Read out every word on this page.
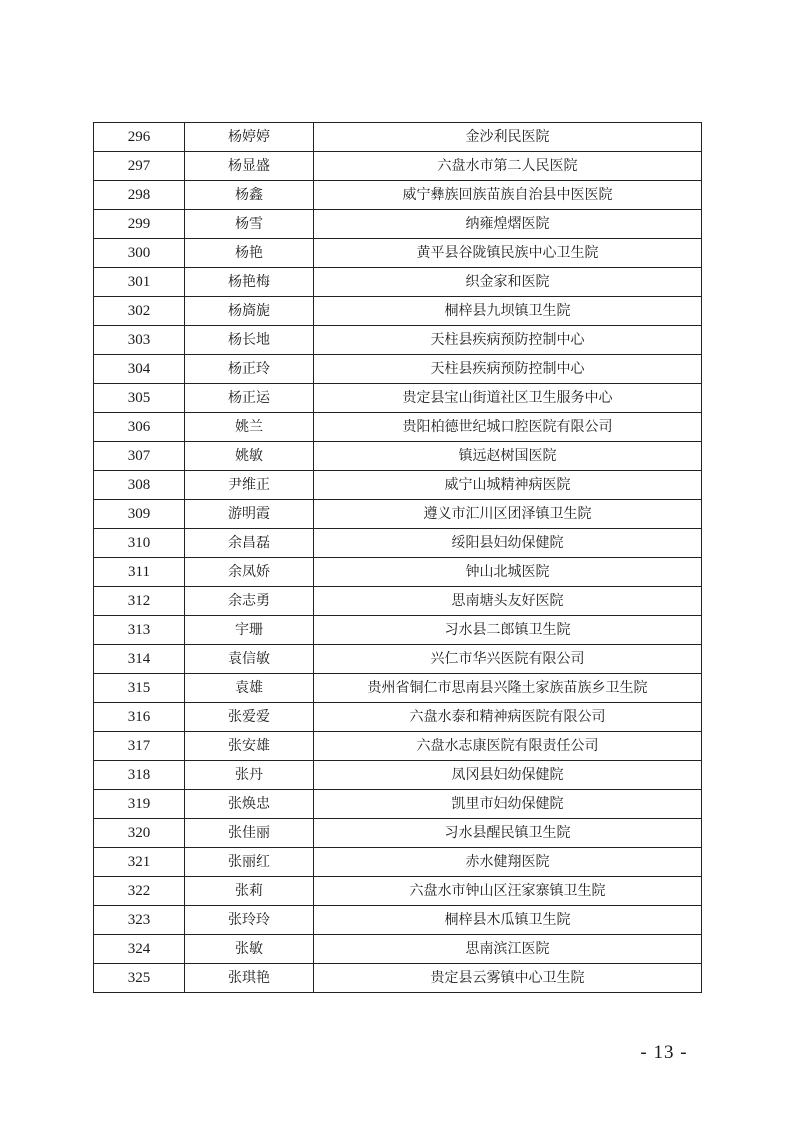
296	杨婷婷	金沙利民医院
297	杨显盛	六盘水市第二人民医院
298	杨鑫	威宁彝族回族苗族自治县中医医院
299	杨雪	纳雍煌熠医院
300	杨艳	黄平县谷陇镇民族中心卫生院
301	杨艳梅	织金家和医院
302	杨旖旎	桐梓县九坝镇卫生院
303	杨长地	天柱县疾病预防控制中心
304	杨正玲	天柱县疾病预防控制中心
305	杨正运	贵定县宝山街道社区卫生服务中心
306	姚兰	贵阳柏德世纪城口腔医院有限公司
307	姚敏	镇远赵树国医院
308	尹维正	威宁山城精神病医院
309	游明霞	遵义市汇川区团泽镇卫生院
310	余昌磊	绥阳县妇幼保健院
311	余凤娇	钟山北城医院
312	余志勇	思南塘头友好医院
313	宇珊	习水县二郎镇卫生院
314	袁信敏	兴仁市华兴医院有限公司
315	袁雄	贵州省铜仁市思南县兴隆土家族苗族乡卫生院
316	张爱爱	六盘水泰和精神病医院有限公司
317	张安雄	六盘水志康医院有限责任公司
318	张丹	凤冈县妇幼保健院
319	张焕忠	凯里市妇幼保健院
320	张佳丽	习水县醒民镇卫生院
321	张丽红	赤水健翔医院
322	张莉	六盘水市钟山区汪家寨镇卫生院
323	张玲玲	桐梓县木瓜镇卫生院
324	张敏	思南滨江医院
325	张琪艳	贵定县云雾镇中心卫生院
- 13 -
